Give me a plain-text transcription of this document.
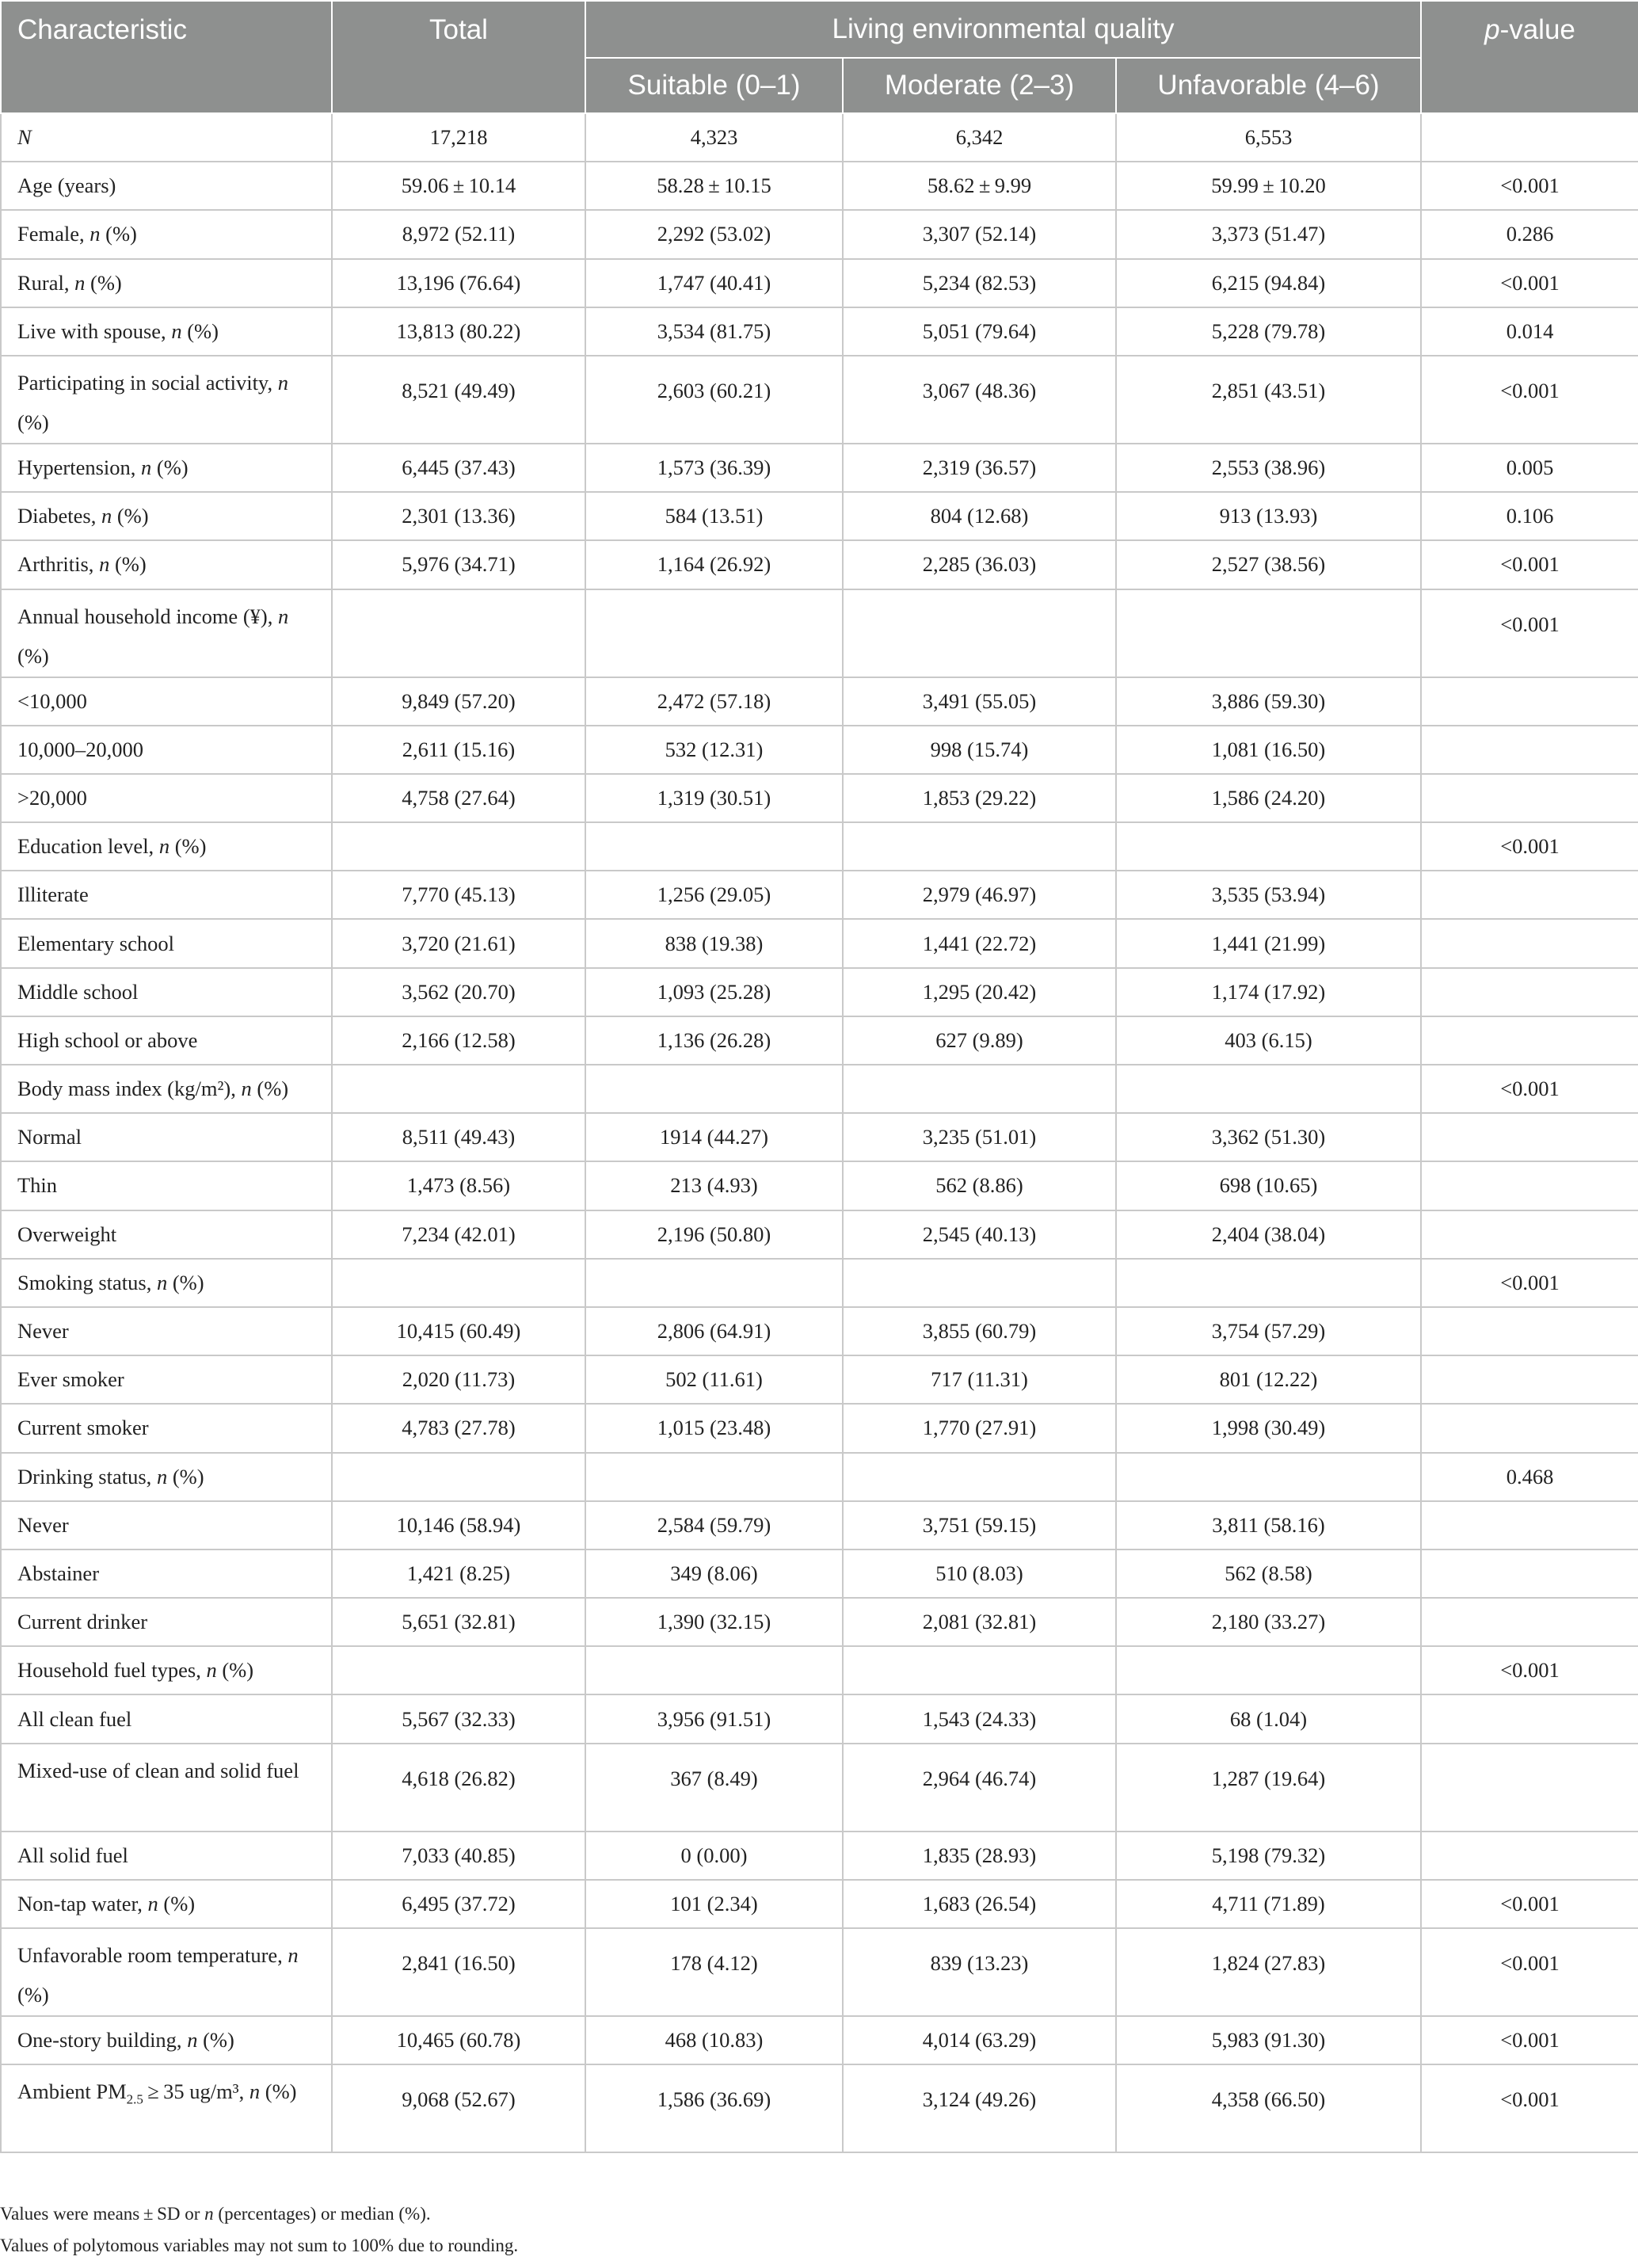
Characteristic	Total	Living environmental quality			p-value
		Suitable (0–1)	Moderate (2–3)	Unfavorable (4–6)	
N	17,218	4,323	6,342	6,553	
Age (years)	59.06 ± 10.14	58.28 ± 10.15	58.62 ± 9.99	59.99 ± 10.20	<0.001
Female, n (%)	8,972 (52.11)	2,292 (53.02)	3,307 (52.14)	3,373 (51.47)	0.286
Rural, n (%)	13,196 (76.64)	1,747 (40.41)	5,234 (82.53)	6,215 (94.84)	<0.001
Live with spouse, n (%)	13,813 (80.22)	3,534 (81.75)	5,051 (79.64)	5,228 (79.78)	0.014
Participating in social activity, n (%)	8,521 (49.49)	2,603 (60.21)	3,067 (48.36)	2,851 (43.51)	<0.001
Hypertension, n (%)	6,445 (37.43)	1,573 (36.39)	2,319 (36.57)	2,553 (38.96)	0.005
Diabetes, n (%)	2,301 (13.36)	584 (13.51)	804 (12.68)	913 (13.93)	0.106
Arthritis, n (%)	5,976 (34.71)	1,164 (26.92)	2,285 (36.03)	2,527 (38.56)	<0.001
Annual household income (¥), n (%)					<0.001
<10,000	9,849 (57.20)	2,472 (57.18)	3,491 (55.05)	3,886 (59.30)	
10,000–20,000	2,611 (15.16)	532 (12.31)	998 (15.74)	1,081 (16.50)	
>20,000	4,758 (27.64)	1,319 (30.51)	1,853 (29.22)	1,586 (24.20)	
Education level, n (%)					<0.001
Illiterate	7,770 (45.13)	1,256 (29.05)	2,979 (46.97)	3,535 (53.94)	
Elementary school	3,720 (21.61)	838 (19.38)	1,441 (22.72)	1,441 (21.99)	
Middle school	3,562 (20.70)	1,093 (25.28)	1,295 (20.42)	1,174 (17.92)	
High school or above	2,166 (12.58)	1,136 (26.28)	627 (9.89)	403 (6.15)	
Body mass index (kg/m²), n (%)					<0.001
Normal	8,511 (49.43)	1914 (44.27)	3,235 (51.01)	3,362 (51.30)	
Thin	1,473 (8.56)	213 (4.93)	562 (8.86)	698 (10.65)	
Overweight	7,234 (42.01)	2,196 (50.80)	2,545 (40.13)	2,404 (38.04)	
Smoking status, n (%)					<0.001
Never	10,415 (60.49)	2,806 (64.91)	3,855 (60.79)	3,754 (57.29)	
Ever smoker	2,020 (11.73)	502 (11.61)	717 (11.31)	801 (12.22)	
Current smoker	4,783 (27.78)	1,015 (23.48)	1,770 (27.91)	1,998 (30.49)	
Drinking status, n (%)					0.468
Never	10,146 (58.94)	2,584 (59.79)	3,751 (59.15)	3,811 (58.16)	
Abstainer	1,421 (8.25)	349 (8.06)	510 (8.03)	562 (8.58)	
Current drinker	5,651 (32.81)	1,390 (32.15)	2,081 (32.81)	2,180 (33.27)	
Household fuel types, n (%)					<0.001
All clean fuel	5,567 (32.33)	3,956 (91.51)	1,543 (24.33)	68 (1.04)	
Mixed-use of clean and solid fuel	4,618 (26.82)	367 (8.49)	2,964 (46.74)	1,287 (19.64)	
All solid fuel	7,033 (40.85)	0 (0.00)	1,835 (28.93)	5,198 (79.32)	
Non-tap water, n (%)	6,495 (37.72)	101 (2.34)	1,683 (26.54)	4,711 (71.89)	<0.001
Unfavorable room temperature, n (%)	2,841 (16.50)	178 (4.12)	839 (13.23)	1,824 (27.83)	<0.001
One-story building, n (%)	10,465 (60.78)	468 (10.83)	4,014 (63.29)	5,983 (91.30)	<0.001
Ambient $PM_{2.5} \ge 35$ ug/m³, n (%)	9,068 (52.67)	1,586 (36.69)	3,124 (49.26)	4,358 (66.50)	<0.001
Values were means ± SD or n (percentages) or median (%).
Values of polytomous variables may not sum to 100% due to rounding.
